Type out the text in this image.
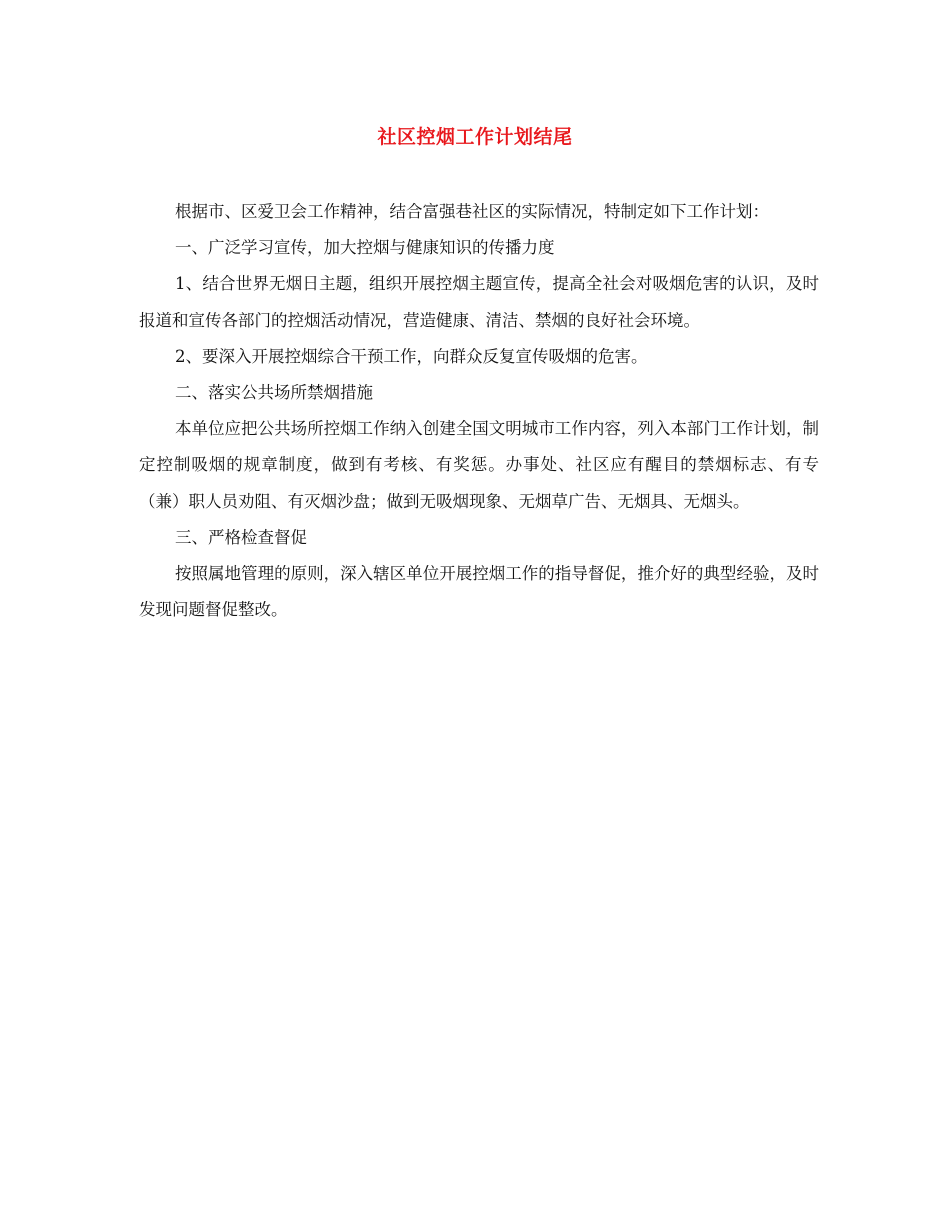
社区控烟工作计划结尾

根据市、区爱卫会工作精神，结合富强巷社区的实际情况，特制定如下工作计划：

一、广泛学习宣传，加大控烟与健康知识的传播力度

1、结合世界无烟日主题，组织开展控烟主题宣传，提高全社会对吸烟危害的认识，及时报道和宣传各部门的控烟活动情况，营造健康、清洁、禁烟的良好社会环境。

2、要深入开展控烟综合干预工作，向群众反复宣传吸烟的危害。

二、落实公共场所禁烟措施

本单位应把公共场所控烟工作纳入创建全国文明城市工作内容，列入本部门工作计划，制定控制吸烟的规章制度，做到有考核、有奖惩。办事处、社区应有醒目的禁烟标志、有专（兼）职人员劝阻、有灭烟沙盘；做到无吸烟现象、无烟草广告、无烟具、无烟头。

三、严格检查督促

按照属地管理的原则，深入辖区单位开展控烟工作的指导督促，推介好的典型经验，及时发现问题督促整改。
